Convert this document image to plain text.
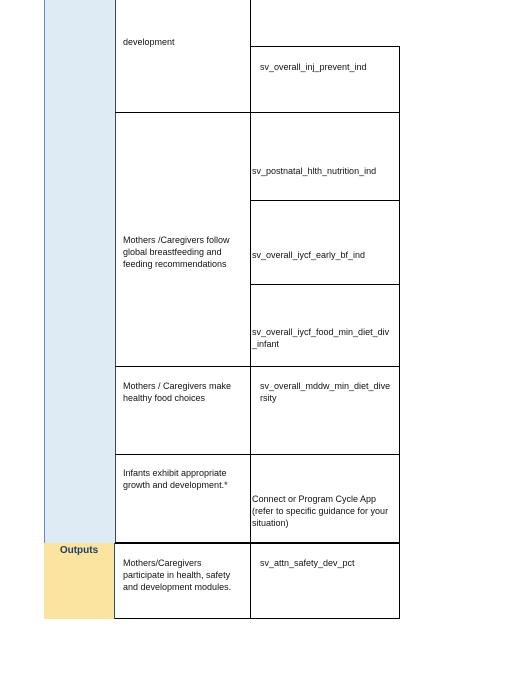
Outputs

development

sv_overall_inj_prevent_ind

Mothers /Caregivers follow
global breastfeeding and
feeding recommendations

sv_postnatal_hlth_nutrition_ind

sv_overall_iycf_early_bf_ind

sv_overall_iycf_food_min_diet_div
_infant

Mothers / Caregivers make
healthy food choices

sv_overall_mddw_min_diet_dive
rsity

Infants exhibit appropriate
growth and development.*

Connect or Program Cycle App
(refer to specific guidance for your
situation)

Mothers/Caregivers
participate in health, safety
and development modules.

sv_attn_safety_dev_pct
